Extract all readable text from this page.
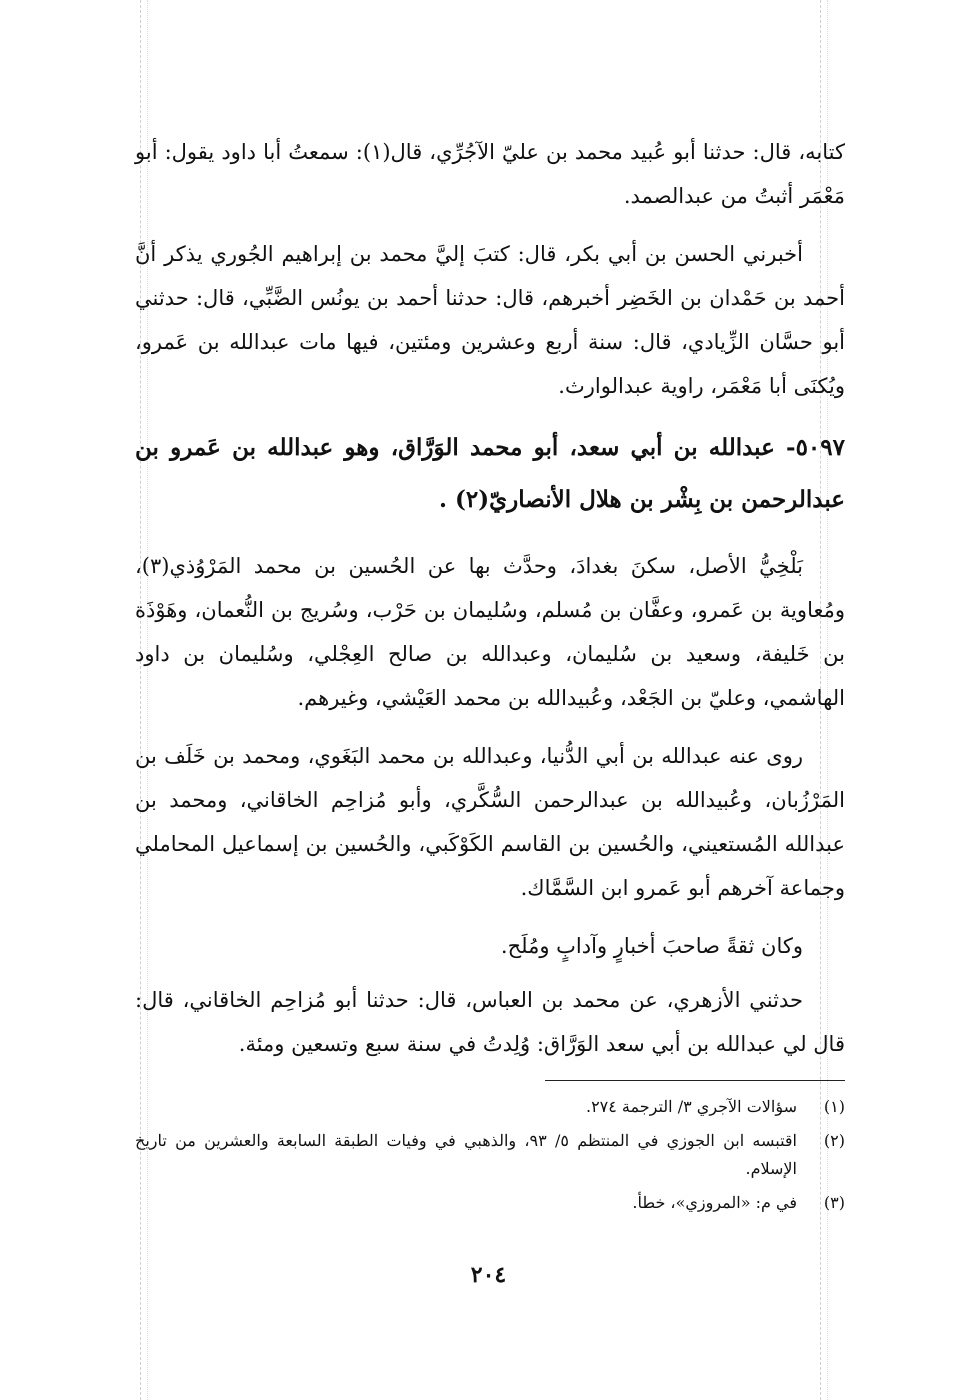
كتابه، قال: حدثنا أبو عُبيد محمد بن عليّ الآجُرِّي، قال(١): سمعتُ أبا داود يقول: أبو مَعْمَر أثبتُ من عبدالصمد.

أخبرني الحسن بن أبي بكر، قال: كتبَ إليَّ محمد بن إبراهيم الجُوري يذكر أنَّ أحمد بن حَمْدان بن الخَضِر أخبرهم، قال: حدثنا أحمد بن يونُس الضَّبِّي، قال: حدثني أبو حسَّان الزِّيادي، قال: سنة أربع وعشرين ومئتين، فيها مات عبدالله بن عَمرو، ويُكنَى أبا مَعْمَر، راوية عبدالوارث.

٥٠٩٧- عبدالله بن أبي سعد، أبو محمد الوَرَّاق، وهو عبدالله بن عَمرو بن عبدالرحمن بن بِشْر بن هلال الأنصاريّ(٢) .

بَلْخِيُّ الأصل، سكنَ بغدادَ، وحدَّث بها عن الحُسين بن محمد المَرْوُذي(٣)، ومُعاوية بن عَمرو، وعفَّان بن مُسلم، وسُليمان بن حَرْب، وسُريج بن النُّعمان، وهَوْذَة بن خَليفة، وسعيد بن سُليمان، وعبدالله بن صالح العِجْلي، وسُليمان بن داود الهاشمي، وعليّ بن الجَعْد، وعُبيدالله بن محمد العَيْشي، وغيرهم.

روى عنه عبدالله بن أبي الدُّنيا، وعبدالله بن محمد البَغَوي، ومحمد بن خَلَف بن المَرْزُبان، وعُبيدالله بن عبدالرحمن السُّكَّري، وأبو مُزاحِم الخاقاني، ومحمد بن عبدالله المُستعيني، والحُسين بن القاسم الكَوْكَبي، والحُسين بن إسماعيل المحاملي وجماعة آخرهم أبو عَمرو ابن السَّمَّاك.

وكان ثقةً صاحبَ أخبارٍ وآدابٍ ومُلَح.

حدثني الأزهري، عن محمد بن العباس، قال: حدثنا أبو مُزاحِم الخاقاني، قال: قال لي عبدالله بن أبي سعد الوَرَّاق: وُلِدتُ في سنة سبع وتسعين ومئة.

(١)
سؤالات الآجري ٣/ الترجمة ٢٧٤.
(٢)
اقتبسه ابن الجوزي في المنتظم ٥/ ٩٣، والذهبي في وفيات الطبقة السابعة والعشرين من تاريخ الإسلام.
(٣)
في م: «المروزي»، خطأ.
٢٠٤
